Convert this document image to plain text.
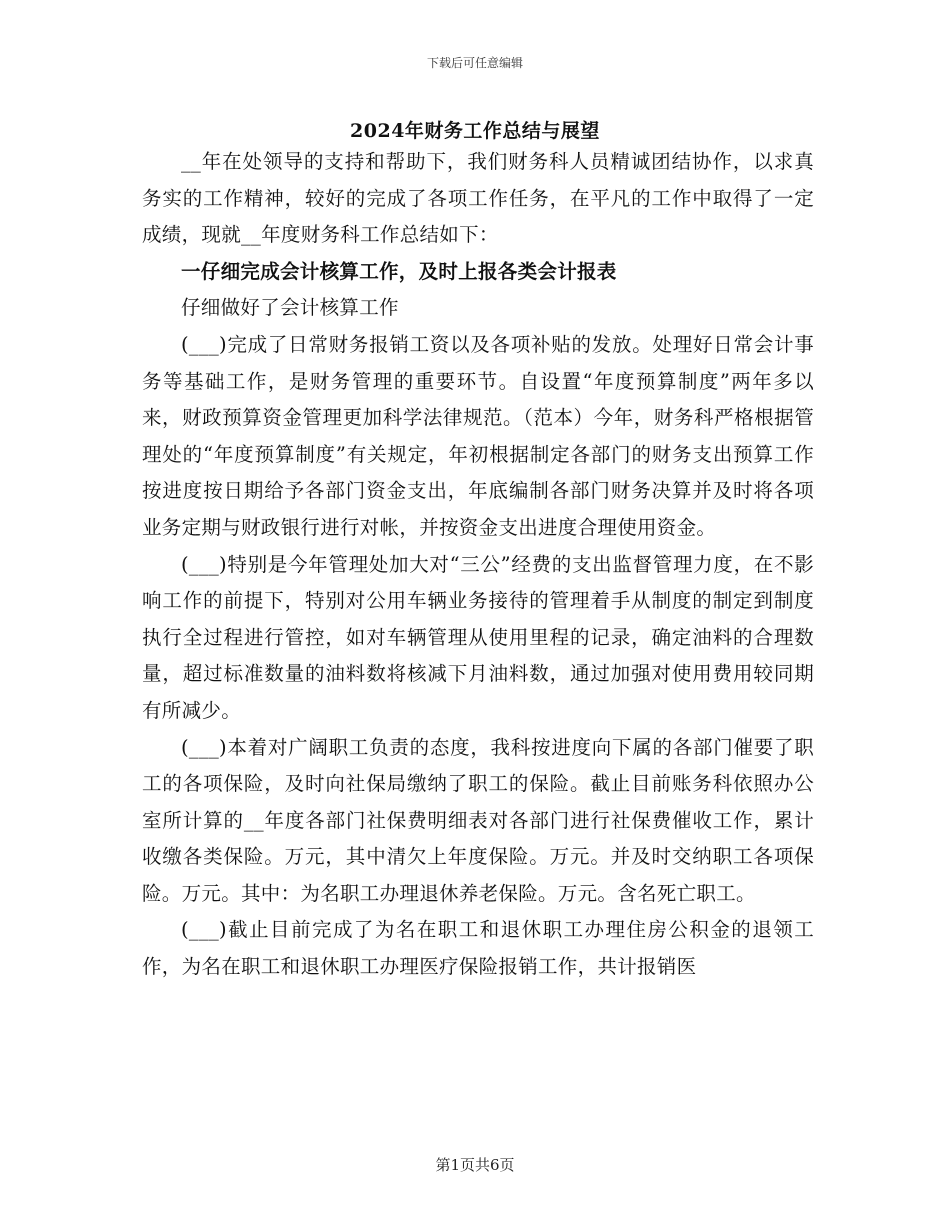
下载后可任意编辑
2024年财务工作总结与展望

__年在处领导的支持和帮助下，我们财务科人员精诚团结协作，以求真务实的工作精神，较好的完成了各项工作任务，在平凡的工作中取得了一定成绩，现就__年度财务科工作总结如下：

一仔细完成会计核算工作，及时上报各类会计报表

仔细做好了会计核算工作

(___)完成了日常财务报销工资以及各项补贴的发放。处理好日常会计事务等基础工作，是财务管理的重要环节。自设置“年度预算制度”两年多以来，财政预算资金管理更加科学法律规范。（范本）今年，财务科严格根据管理处的“年度预算制度”有关规定，年初根据制定各部门的财务支出预算工作按进度按日期给予各部门资金支出，年底编制各部门财务决算并及时将各项业务定期与财政银行进行对帐，并按资金支出进度合理使用资金。

(___)特别是今年管理处加大对“三公”经费的支出监督管理力度，在不影响工作的前提下，特别对公用车辆业务接待的管理着手从制度的制定到制度执行全过程进行管控，如对车辆管理从使用里程的记录，确定油料的合理数量，超过标准数量的油料数将核减下月油料数，通过加强对使用费用较同期有所减少。

(___)本着对广阔职工负责的态度，我科按进度向下属的各部门催要了职工的各项保险，及时向社保局缴纳了职工的保险。截止目前账务科依照办公室所计算的__年度各部门社保费明细表对各部门进行社保费催收工作，累计收缴各类保险。万元，其中清欠上年度保险。万元。并及时交纳职工各项保险。万元。其中：为名职工办理退休养老保险。万元。含名死亡职工。

(___)截止目前完成了为名在职工和退休职工办理住房公积金的退领工作，为名在职工和退休职工办理医疗保险报销工作，共计报销医

第1页共6页
